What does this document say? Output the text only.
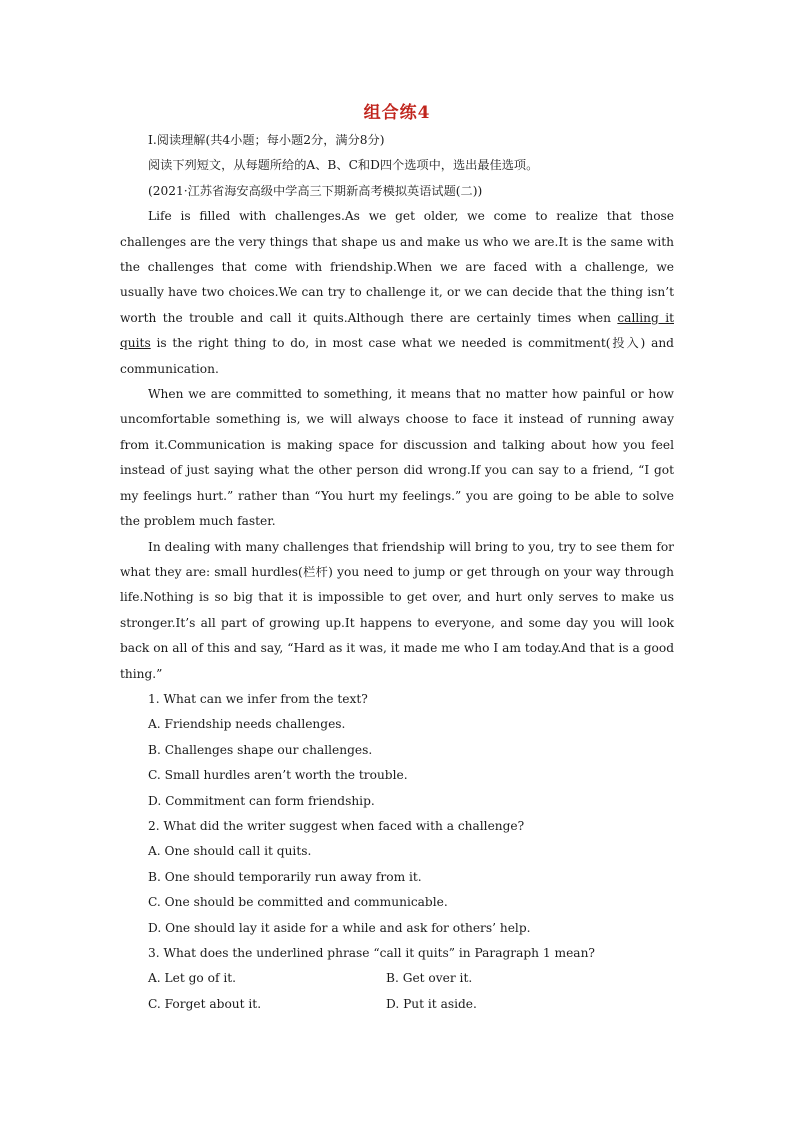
组合练4
Ⅰ.阅读理解(共4小题；每小题2分，满分8分)
阅读下列短文，从每题所给的A、B、C和D四个选项中，选出最佳选项。
(2021·江苏省海安高级中学高三下期新高考模拟英语试题(二))
Life is filled with challenges.As we get older, we come to realize that those challenges are the very things that shape us and make us who we are.It is the same with the challenges that come with friendship.When we are faced with a challenge, we usually have two choices.We can try to challenge it, or we can decide that the thing isn’t worth the trouble and call it quits.Although there are certainly times when calling it quits is the right thing to do, in most case what we needed is commitment(投入) and communication.
When we are committed to something, it means that no matter how painful or how uncomfortable something is, we will always choose to face it instead of running away from it.Communication is making space for discussion and talking about how you feel instead of just saying what the other person did wrong.If you can say to a friend, “I got my feelings hurt.” rather than “You hurt my feelings.” you are going to be able to solve the problem much faster.
In dealing with many challenges that friendship will bring to you, try to see them for what they are: small hurdles(栏杆) you need to jump or get through on your way through life.Nothing is so big that it is impossible to get over, and hurt only serves to make us stronger.It’s all part of growing up.It happens to everyone, and some day you will look back on all of this and say, “Hard as it was, it made me who I am today.And that is a good thing.”
1. What can we infer from the text?
A. Friendship needs challenges.
B. Challenges shape our challenges.
C. Small hurdles aren’t worth the trouble.
D. Commitment can form friendship.
2. What did the writer suggest when faced with a challenge?
A. One should call it quits.
B. One should temporarily run away from it.
C. One should be committed and communicable.
D. One should lay it aside for a while and ask for others’ help.
3. What does the underlined phrase “call it quits” in Paragraph 1 mean?
A. Let go of it.	B. Get over it.
C. Forget about it.	D. Put it aside.
